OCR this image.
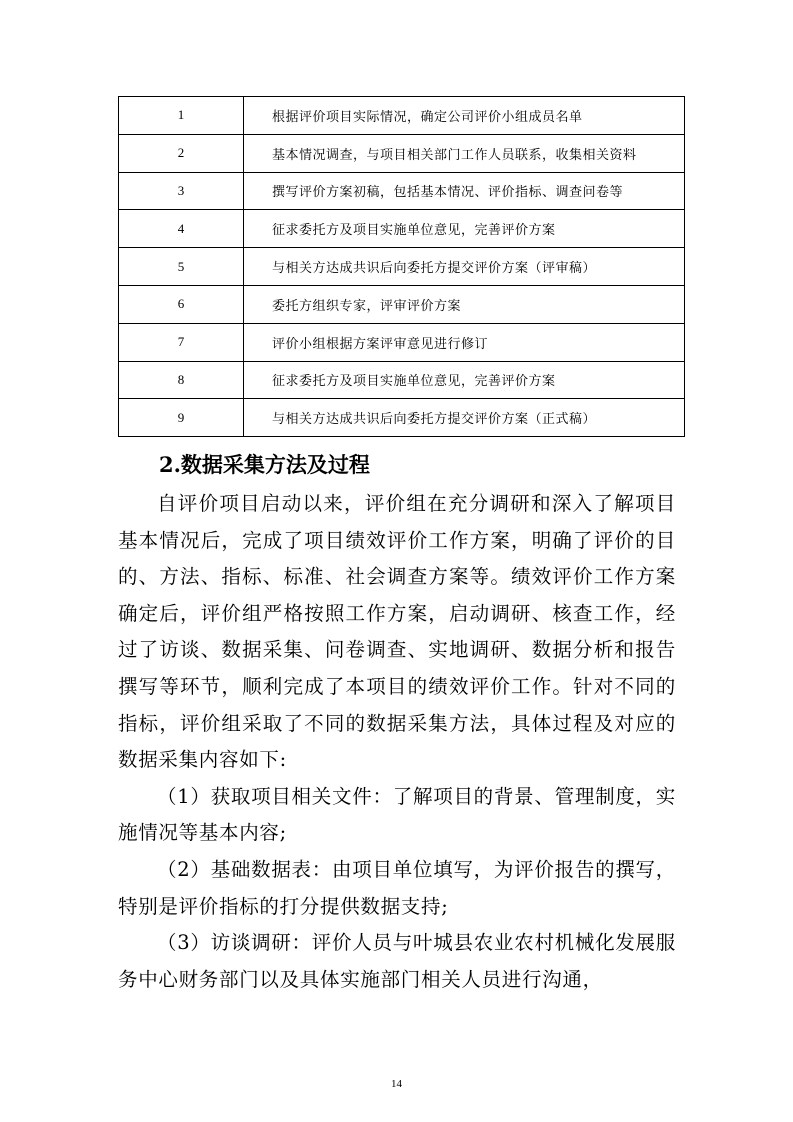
1	根据评价项目实际情况，确定公司评价小组成员名单
2	基本情况调查，与项目相关部门工作人员联系，收集相关资料
3	撰写评价方案初稿，包括基本情况、评价指标、调查问卷等
4	征求委托方及项目实施单位意见，完善评价方案
5	与相关方达成共识后向委托方提交评价方案（评审稿）
6	委托方组织专家，评审评价方案
7	评价小组根据方案评审意见进行修订
8	征求委托方及项目实施单位意见，完善评价方案
9	与相关方达成共识后向委托方提交评价方案（正式稿）
2.数据采集方法及过程

自评价项目启动以来，评价组在充分调研和深入了解项目基本情况后，完成了项目绩效评价工作方案，明确了评价的目的、方法、指标、标准、社会调查方案等。绩效评价工作方案确定后，评价组严格按照工作方案，启动调研、核查工作，经过了访谈、数据采集、问卷调查、实地调研、数据分析和报告撰写等环节，顺利完成了本项目的绩效评价工作。针对不同的指标，评价组采取了不同的数据采集方法，具体过程及对应的数据采集内容如下:

（1）获取项目相关文件：了解项目的背景、管理制度，实施情况等基本内容;

（2）基础数据表：由项目单位填写，为评价报告的撰写，特别是评价指标的打分提供数据支持;

（3）访谈调研：评价人员与叶城县农业农村机械化发展服务中心财务部门以及具体实施部门相关人员进行沟通，

14
